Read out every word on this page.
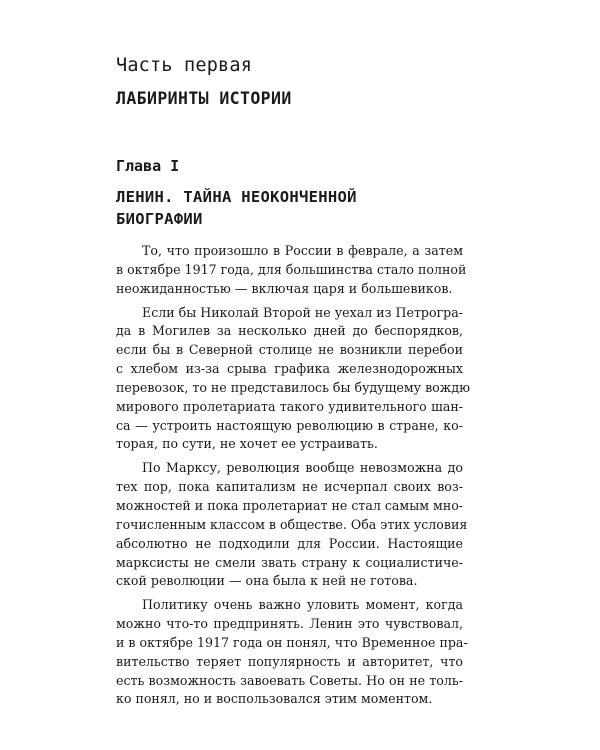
Часть первая
ЛАБИРИНТЫ ИСТОРИИ
Глава I
ЛЕНИН. ТАЙНА НЕОКОНЧЕННОЙ
БИОГРАФИИ
То, что произошло в России в феврале, а затем
в октябре 1917 года, для большинства стало полной
неожиданностью — включая царя и большевиков.
Если бы Николай Второй не уехал из Петрогра-
да в Могилев за несколько дней до беспорядков,
если бы в Северной столице не возникли перебои
с хлебом из-за срыва графика железнодорожных
перевозок, то не представилось бы будущему вождю
мирового пролетариата такого удивительного шан-
са — устроить настоящую революцию в стране, ко-
торая, по сути, не хочет ее устраивать.
По Марксу, революция вообще невозможна до
тех пор, пока капитализм не исчерпал своих воз-
можностей и пока пролетариат не стал самым мно-
гочисленным классом в обществе. Оба этих условия
абсолютно не подходили для России. Настоящие
марксисты не смели звать страну к социалистиче-
ской революции — она была к ней не готова.
Политику очень важно уловить момент, когда
можно что-то предпринять. Ленин это чувствовал,
и в октябре 1917 года он понял, что Временное пра-
вительство теряет популярность и авторитет, что
есть возможность завоевать Советы. Но он не толь-
ко понял, но и воспользовался этим моментом.
